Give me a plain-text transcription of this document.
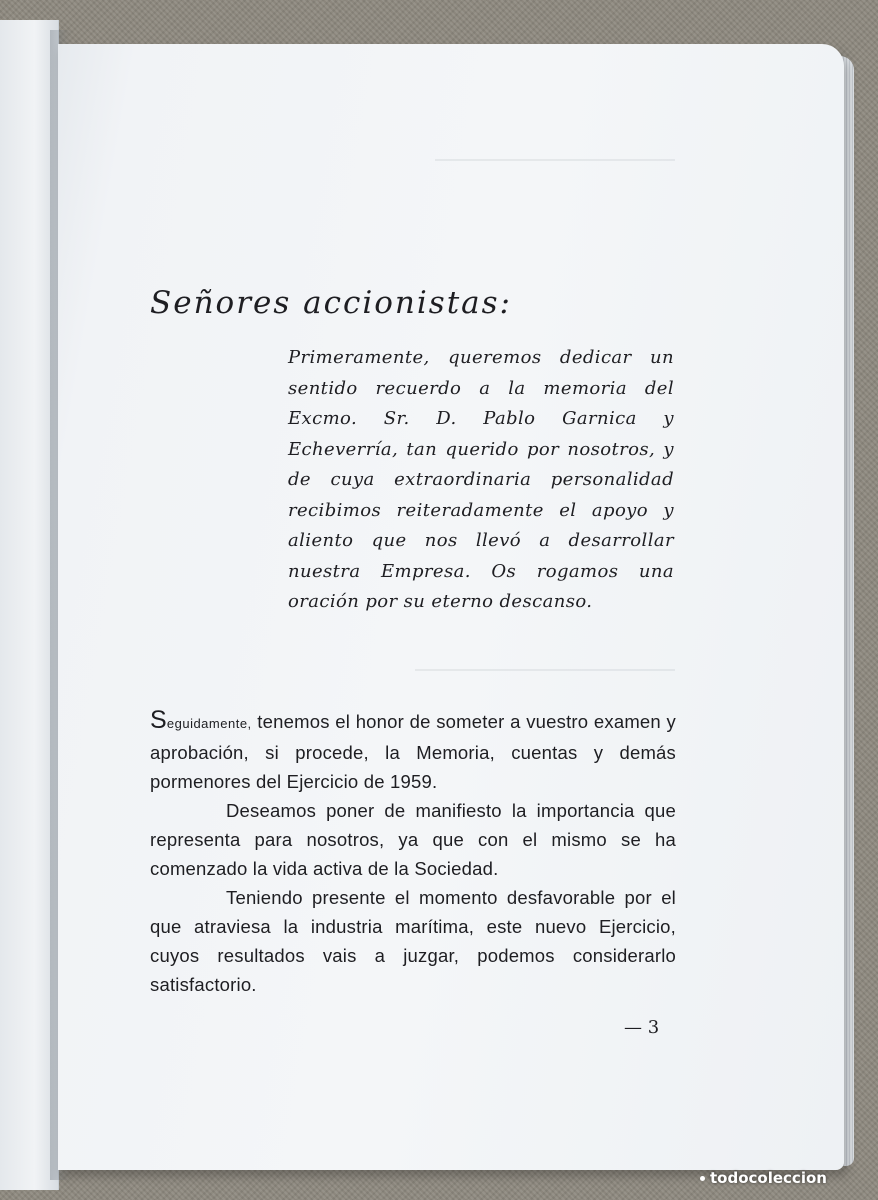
Señores accionistas:

Primeramente, queremos dedicar un sentido recuerdo a la memoria del Excmo. Sr. D. Pablo Garnica y Echeverría, tan querido por nosotros, y de cuya extraordinaria personalidad recibimos reiteradamente el apoyo y aliento que nos llevó a desarrollar nuestra Empresa. Os rogamos una oración por su eterno descanso.

Seguidamente, tenemos el honor de someter a vuestro examen y aprobación, si procede, la Memoria, cuentas y demás pormenores del Ejercicio de 1959.

Deseamos poner de manifiesto la importancia que representa para nosotros, ya que con el mismo se ha comenzado la vida activa de la Sociedad.

Teniendo presente el momento desfavorable por el que atraviesa la industria marítima, este nuevo Ejercicio, cuyos resultados vais a juzgar, podemos considerarlo satisfactorio.

— 3
todocoleccion
